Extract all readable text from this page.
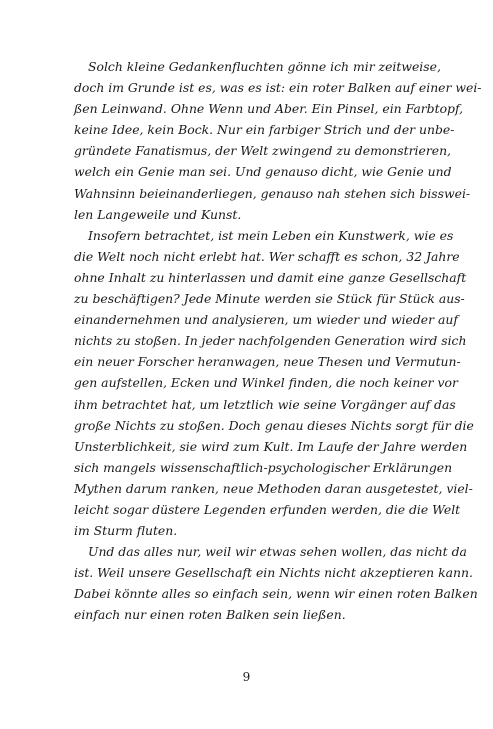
Solch kleine Gedankenfluchten gönne ich mir zeitweise,
doch im Grunde ist es, was es ist: ein roter Balken auf einer wei-
ßen Leinwand. Ohne Wenn und Aber. Ein Pinsel, ein Farbtopf,
keine Idee, kein Bock. Nur ein farbiger Strich und der unbe-
gründete Fanatismus, der Welt zwingend zu demonstrieren,
welch ein Genie man sei. Und genauso dicht, wie Genie und
Wahnsinn beieinanderliegen, genauso nah stehen sich bisswei-
len Langeweile und Kunst.
Insofern betrachtet, ist mein Leben ein Kunstwerk, wie es
die Welt noch nicht erlebt hat. Wer schafft es schon, 32 Jahre
ohne Inhalt zu hinterlassen und damit eine ganze Gesellschaft
zu beschäftigen? Jede Minute werden sie Stück für Stück aus-
einandernehmen und analysieren, um wieder und wieder auf
nichts zu stoßen. In jeder nachfolgenden Generation wird sich
ein neuer Forscher heranwagen, neue Thesen und Vermutun-
gen aufstellen, Ecken und Winkel finden, die noch keiner vor
ihm betrachtet hat, um letztlich wie seine Vorgänger auf das
große Nichts zu stoßen. Doch genau dieses Nichts sorgt für die
Unsterblichkeit, sie wird zum Kult. Im Laufe der Jahre werden
sich mangels wissenschaftlich-psychologischer Erklärungen
Mythen darum ranken, neue Methoden daran ausgetestet, viel-
leicht sogar düstere Legenden erfunden werden, die die Welt
im Sturm fluten.
Und das alles nur, weil wir etwas sehen wollen, das nicht da
ist. Weil unsere Gesellschaft ein Nichts nicht akzeptieren kann.
Dabei könnte alles so einfach sein, wenn wir einen roten Balken
einfach nur einen roten Balken sein ließen.
9
